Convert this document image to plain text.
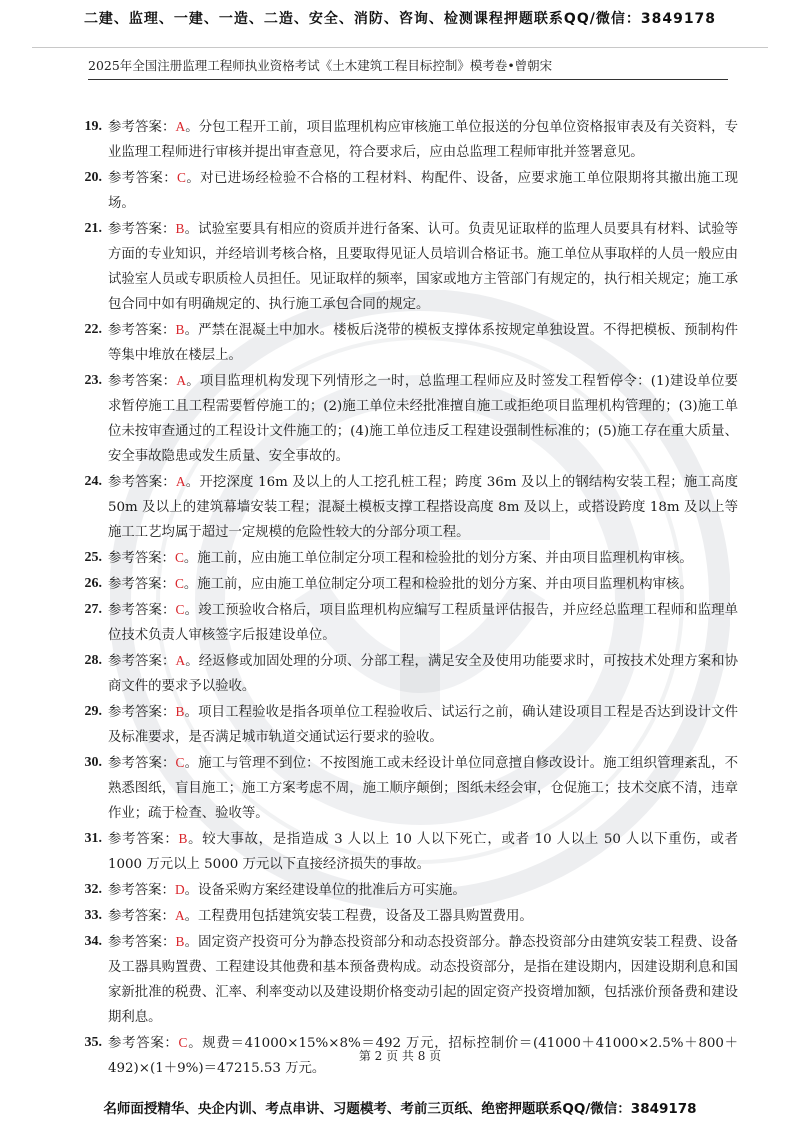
二建、监理、一建、一造、二造、安全、消防、咨询、检测课程押题联系QQ/微信：3849178
2025年全国注册监理工程师执业资格考试《土木建筑工程目标控制》模考卷•曾朝宋
19. 参考答案：A。分包工程开工前，项目监理机构应审核施工单位报送的分包单位资格报审表及有关资料，专业监理工程师进行审核并提出审查意见，符合要求后，应由总监理工程师审批并签署意见。
20. 参考答案：C。对已进场经检验不合格的工程材料、构配件、设备，应要求施工单位限期将其撤出施工现场。
21. 参考答案：B。试验室要具有相应的资质并进行备案、认可。负责见证取样的监理人员要具有材料、试验等方面的专业知识，并经培训考核合格，且要取得见证人员培训合格证书。施工单位从事取样的人员一般应由试验室人员或专职质检人员担任。见证取样的频率，国家或地方主管部门有规定的，执行相关规定；施工承包合同中如有明确规定的、执行施工承包合同的规定。
22. 参考答案：B。严禁在混凝土中加水。楼板后浇带的模板支撑体系按规定单独设置。不得把模板、预制构件等集中堆放在楼层上。
23. 参考答案：A。项目监理机构发现下列情形之一时，总监理工程师应及时签发工程暂停令：(1)建设单位要求暂停施工且工程需要暂停施工的；(2)施工单位未经批准擅自施工或拒绝项目监理机构管理的；(3)施工单位未按审查通过的工程设计文件施工的；(4)施工单位违反工程建设强制性标准的；(5)施工存在重大质量、安全事故隐患或发生质量、安全事故的。
24. 参考答案：A。开挖深度 16m 及以上的人工挖孔桩工程；跨度 36m 及以上的钢结构安装工程；施工高度 50m 及以上的建筑幕墙安装工程；混凝土模板支撑工程搭设高度 8m 及以上，或搭设跨度 18m 及以上等施工工艺均属于超过一定规模的危险性较大的分部分项工程。
25. 参考答案：C。施工前，应由施工单位制定分项工程和检验批的划分方案、并由项目监理机构审核。
26. 参考答案：C。施工前，应由施工单位制定分项工程和检验批的划分方案、并由项目监理机构审核。
27. 参考答案：C。竣工预验收合格后，项目监理机构应编写工程质量评估报告，并应经总监理工程师和监理单位技术负责人审核签字后报建设单位。
28. 参考答案：A。经返修或加固处理的分项、分部工程，满足安全及使用功能要求时，可按技术处理方案和协商文件的要求予以验收。
29. 参考答案：B。项目工程验收是指各项单位工程验收后、试运行之前，确认建设项目工程是否达到设计文件及标准要求，是否满足城市轨道交通试运行要求的验收。
30. 参考答案：C。施工与管理不到位：不按图施工或未经设计单位同意擅自修改设计。施工组织管理紊乱，不熟悉图纸，盲目施工；施工方案考虑不周，施工顺序颠倒；图纸未经会审，仓促施工；技术交底不清，违章作业；疏于检查、验收等。
31. 参考答案：B。较大事故，是指造成 3 人以上 10 人以下死亡，或者 10 人以上 50 人以下重伤，或者 1000 万元以上 5000 万元以下直接经济损失的事故。
32. 参考答案：D。设备采购方案经建设单位的批准后方可实施。
33. 参考答案：A。工程费用包括建筑安装工程费，设备及工器具购置费用。
34. 参考答案：B。固定资产投资可分为静态投资部分和动态投资部分。静态投资部分由建筑安装工程费、设备及工器具购置费、工程建设其他费和基本预备费构成。动态投资部分，是指在建设期内，因建设期利息和国家新批准的税费、汇率、利率变动以及建设期价格变动引起的固定资产投资增加额，包括涨价预备费和建设期利息。
35. 参考答案：C。规费＝41000×15%×8%＝492 万元，招标控制价＝(41000＋41000×2.5%＋800＋492)×(1＋9%)＝47215.53 万元。
第 2 页 共 8 页
名师面授精华、央企内训、考点串讲、习题模考、考前三页纸、绝密押题联系QQ/微信：3849178
